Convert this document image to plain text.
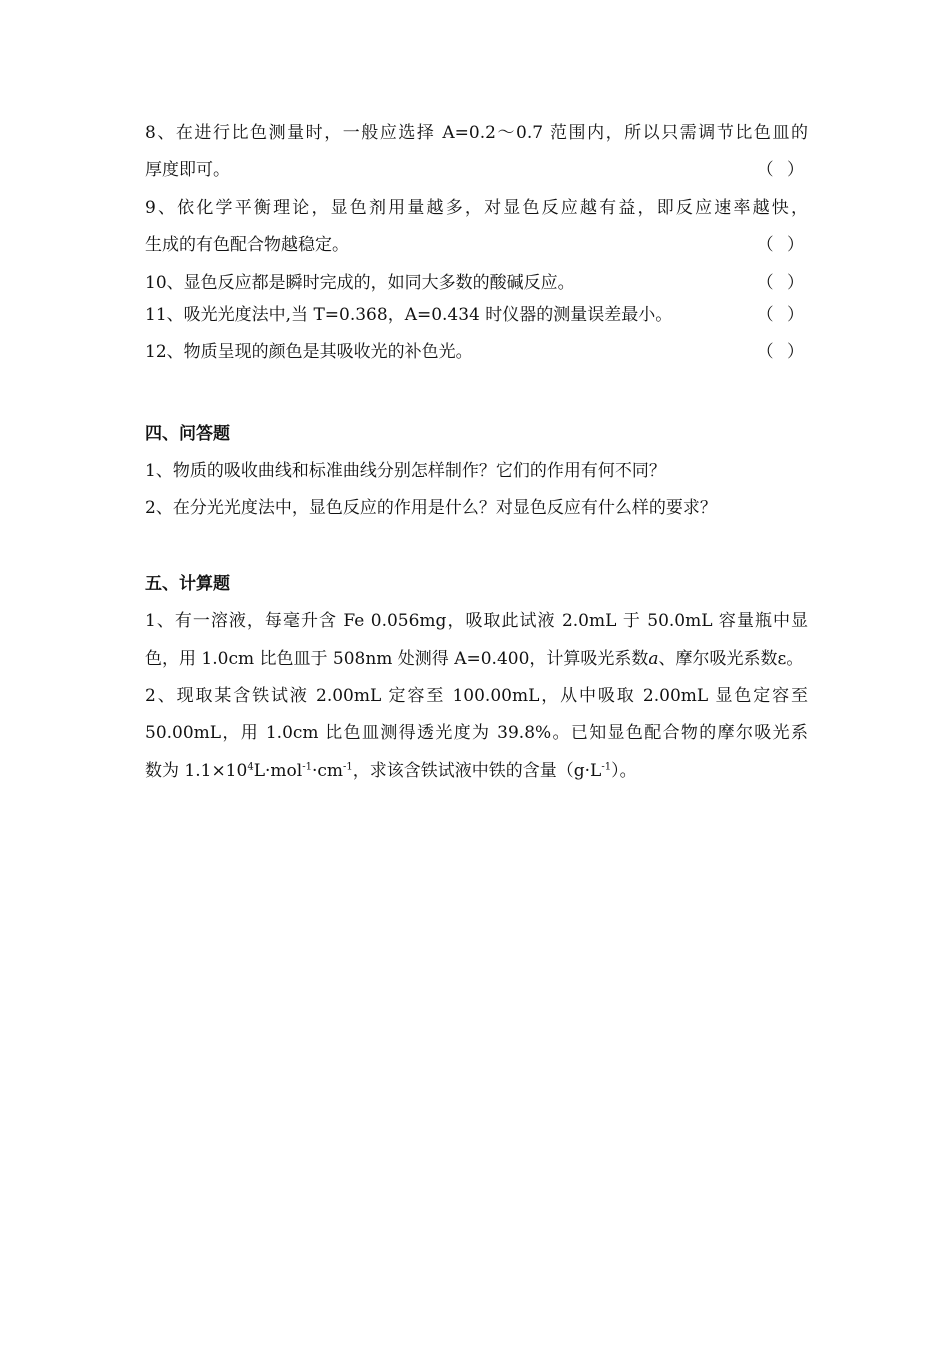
8、在进行比色测量时，一般应选择 A=0.2～0.7 范围内，所以只需调节比色皿的
厚度即可。	（ ）
9、依化学平衡理论，显色剂用量越多，对显色反应越有益，即反应速率越快，
生成的有色配合物越稳定。	（ ）
10、显色反应都是瞬时完成的，如同大多数的酸碱反应。	（ ）
11、吸光光度法中,当 T=0.368，A=0.434 时仪器的测量误差最小。	（ ）
12、物质呈现的颜色是其吸收光的补色光。	（ ）
四、问答题
1、物质的吸收曲线和标准曲线分别怎样制作？它们的作用有何不同？
2、在分光光度法中，显色反应的作用是什么？对显色反应有什么样的要求？
五、计算题
1、有一溶液，每毫升含 Fe 0.056mg，吸取此试液 2.0mL 于 50.0mL 容量瓶中显
色，用 1.0cm 比色皿于 508nm 处测得 A=0.400，计算吸光系数a、摩尔吸光系数ε。
2、现取某含铁试液 2.00mL 定容至 100.00mL，从中吸取 2.00mL 显色定容至
50.00mL，用 1.0cm 比色皿测得透光度为 39.8%。已知显色配合物的摩尔吸光系
数为 $1.1\times 10^4L\cdot mol^{-1}\cdot cm^{-1}$，求该含铁试液中铁的含量$(g\cdot L^{-1})$。
